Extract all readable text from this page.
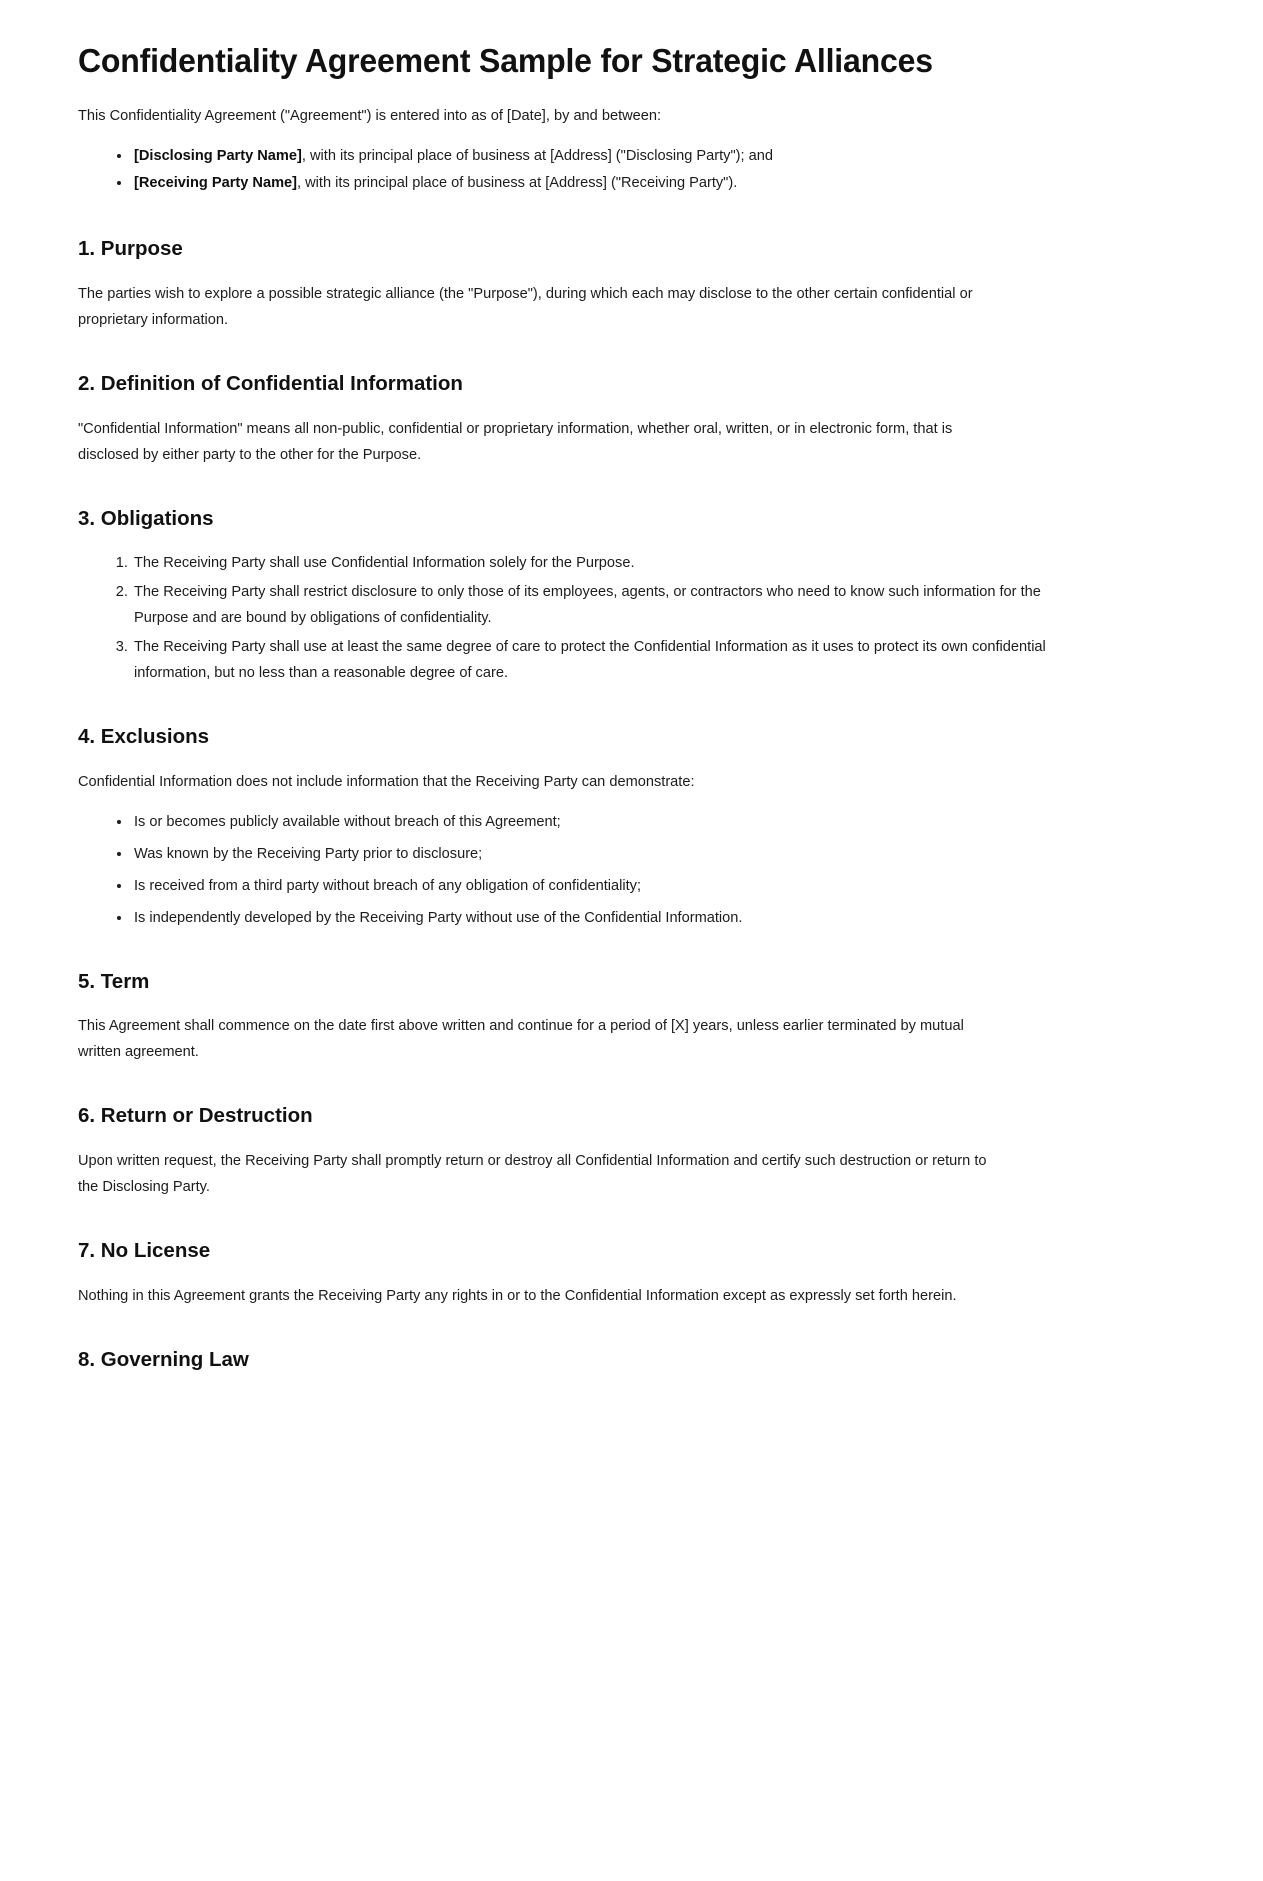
Confidentiality Agreement Sample for Strategic Alliances

This Confidentiality Agreement ("Agreement") is entered into as of [Date], by and between:

• [Disclosing Party Name], with its principal place of business at [Address] ("Disclosing Party"); and
• [Receiving Party Name], with its principal place of business at [Address] ("Receiving Party").
1. Purpose

The parties wish to explore a possible strategic alliance (the "Purpose"), during which each may disclose to the other certain confidential or proprietary information.

2. Definition of Confidential Information

"Confidential Information" means all non-public, confidential or proprietary information, whether oral, written, or in electronic form, that is disclosed by either party to the other for the Purpose.

3. Obligations
1. The Receiving Party shall use Confidential Information solely for the Purpose.
2. The Receiving Party shall restrict disclosure to only those of its employees, agents, or contractors who need to know such information for the Purpose and are bound by obligations of confidentiality.
3. The Receiving Party shall use at least the same degree of care to protect the Confidential Information as it uses to protect its own confidential information, but no less than a reasonable degree of care.
4. Exclusions

Confidential Information does not include information that the Receiving Party can demonstrate:

• Is or becomes publicly available without breach of this Agreement;
• Was known by the Receiving Party prior to disclosure;
• Is received from a third party without breach of any obligation of confidentiality;
• Is independently developed by the Receiving Party without use of the Confidential Information.
5. Term

This Agreement shall commence on the date first above written and continue for a period of [X] years, unless earlier terminated by mutual written agreement.

6. Return or Destruction

Upon written request, the Receiving Party shall promptly return or destroy all Confidential Information and certify such destruction or return to the Disclosing Party.

7. No License

Nothing in this Agreement grants the Receiving Party any rights in or to the Confidential Information except as expressly set forth herein.

8. Governing Law
